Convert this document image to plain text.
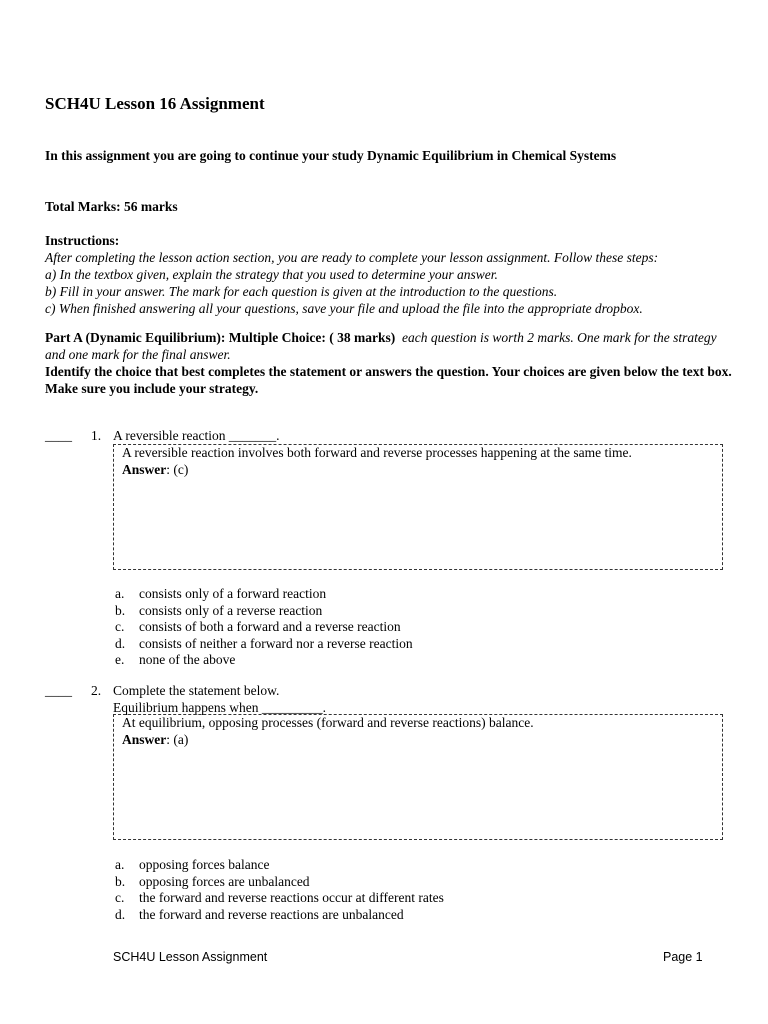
SCH4U Lesson 16 Assignment
In this assignment you are going to continue your study Dynamic Equilibrium in Chemical Systems
Total Marks: 56 marks
Instructions:
After completing the lesson action section, you are ready to complete your lesson assignment. Follow these steps:
a) In the textbox given, explain the strategy that you used to determine your answer.
b) Fill in your answer. The mark for each question is given at the introduction to the questions.
c) When finished answering all your questions, save your file and upload the file into the appropriate dropbox.
Part A (Dynamic Equilibrium): Multiple Choice: ( 38 marks) each question is worth 2 marks. One mark for the strategy and one mark for the final answer.
Identify the choice that best completes the statement or answers the question. Your choices are given below the text box. Make sure you include your strategy.
____ 1. A reversible reaction _______.
A reversible reaction involves both forward and reverse processes happening at the same time.
Answer: (c)
a. consists only of a forward reaction
b. consists only of a reverse reaction
c. consists of both a forward and a reverse reaction
d. consists of neither a forward nor a reverse reaction
e. none of the above
____ 2. Complete the statement below.
Equilibrium happens when _________.
At equilibrium, opposing processes (forward and reverse reactions) balance.
Answer: (a)
a. opposing forces balance
b. opposing forces are unbalanced
c. the forward and reverse reactions occur at different rates
d. the forward and reverse reactions are unbalanced
SCH4U Lesson Assignment	Page 1
